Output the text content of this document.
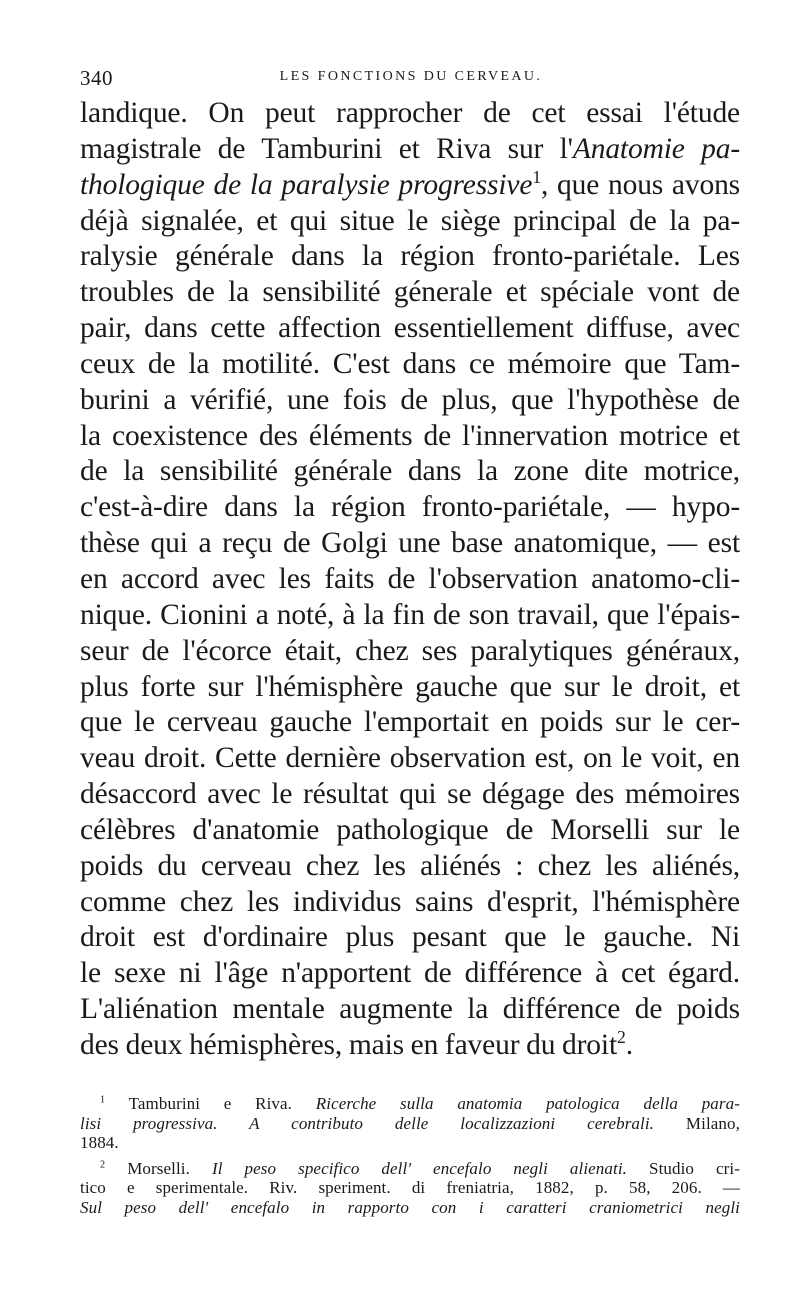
340	LES FONCTIONS DU CERVEAU.
landique. On peut rapprocher de cet essai l'étude
magistrale de Tamburini et Riva sur l'Anatomie pa-
thologique de la paralysie progressive$^1$, que nous avons
déjà signalée, et qui situe le siège principal de la pa-
ralysie générale dans la région fronto-pariétale. Les
troubles de la sensibilité génerale et spéciale vont de
pair, dans cette affection essentiellement diffuse, avec
ceux de la motilité. C'est dans ce mémoire que Tam-
burini a vérifié, une fois de plus, que l'hypothèse de
la coexistence des éléments de l'innervation motrice et
de la sensibilité générale dans la zone dite motrice,
c'est-à-dire dans la région fronto-pariétale, — hypo-
thèse qui a reçu de Golgi une base anatomique, — est
en accord avec les faits de l'observation anatomo-cli-
nique. Cionini a noté, à la fin de son travail, que l'épais-
seur de l'écorce était, chez ses paralytiques généraux,
plus forte sur l'hémisphère gauche que sur le droit, et
que le cerveau gauche l'emportait en poids sur le cer-
veau droit. Cette dernière observation est, on le voit, en
désaccord avec le résultat qui se dégage des mémoires
célèbres d'anatomie pathologique de Morselli sur le
poids du cerveau chez les aliénés : chez les aliénés,
comme chez les individus sains d'esprit, l'hémisphère
droit est d'ordinaire plus pesant que le gauche. Ni
le sexe ni l'âge n'apportent de différence à cet égard.
L'aliénation mentale augmente la différence de poids
des deux hémisphères, mais en faveur du droit$^2$.
$^1$ Tamburini e Riva. Ricerche sulla anatomia patologica della para-
lisi progressiva. A contributo delle localizzazioni cerebrali. Milano,
1884.
$^2$ Morselli. Il peso specifico dell' encefalo negli alienati. Studio cri-
tico e sperimentale. Riv. speriment. di freniatria, 1882, p. 58, 206. —
Sul peso dell' encefalo in rapporto con i caratteri craniometrici negli
